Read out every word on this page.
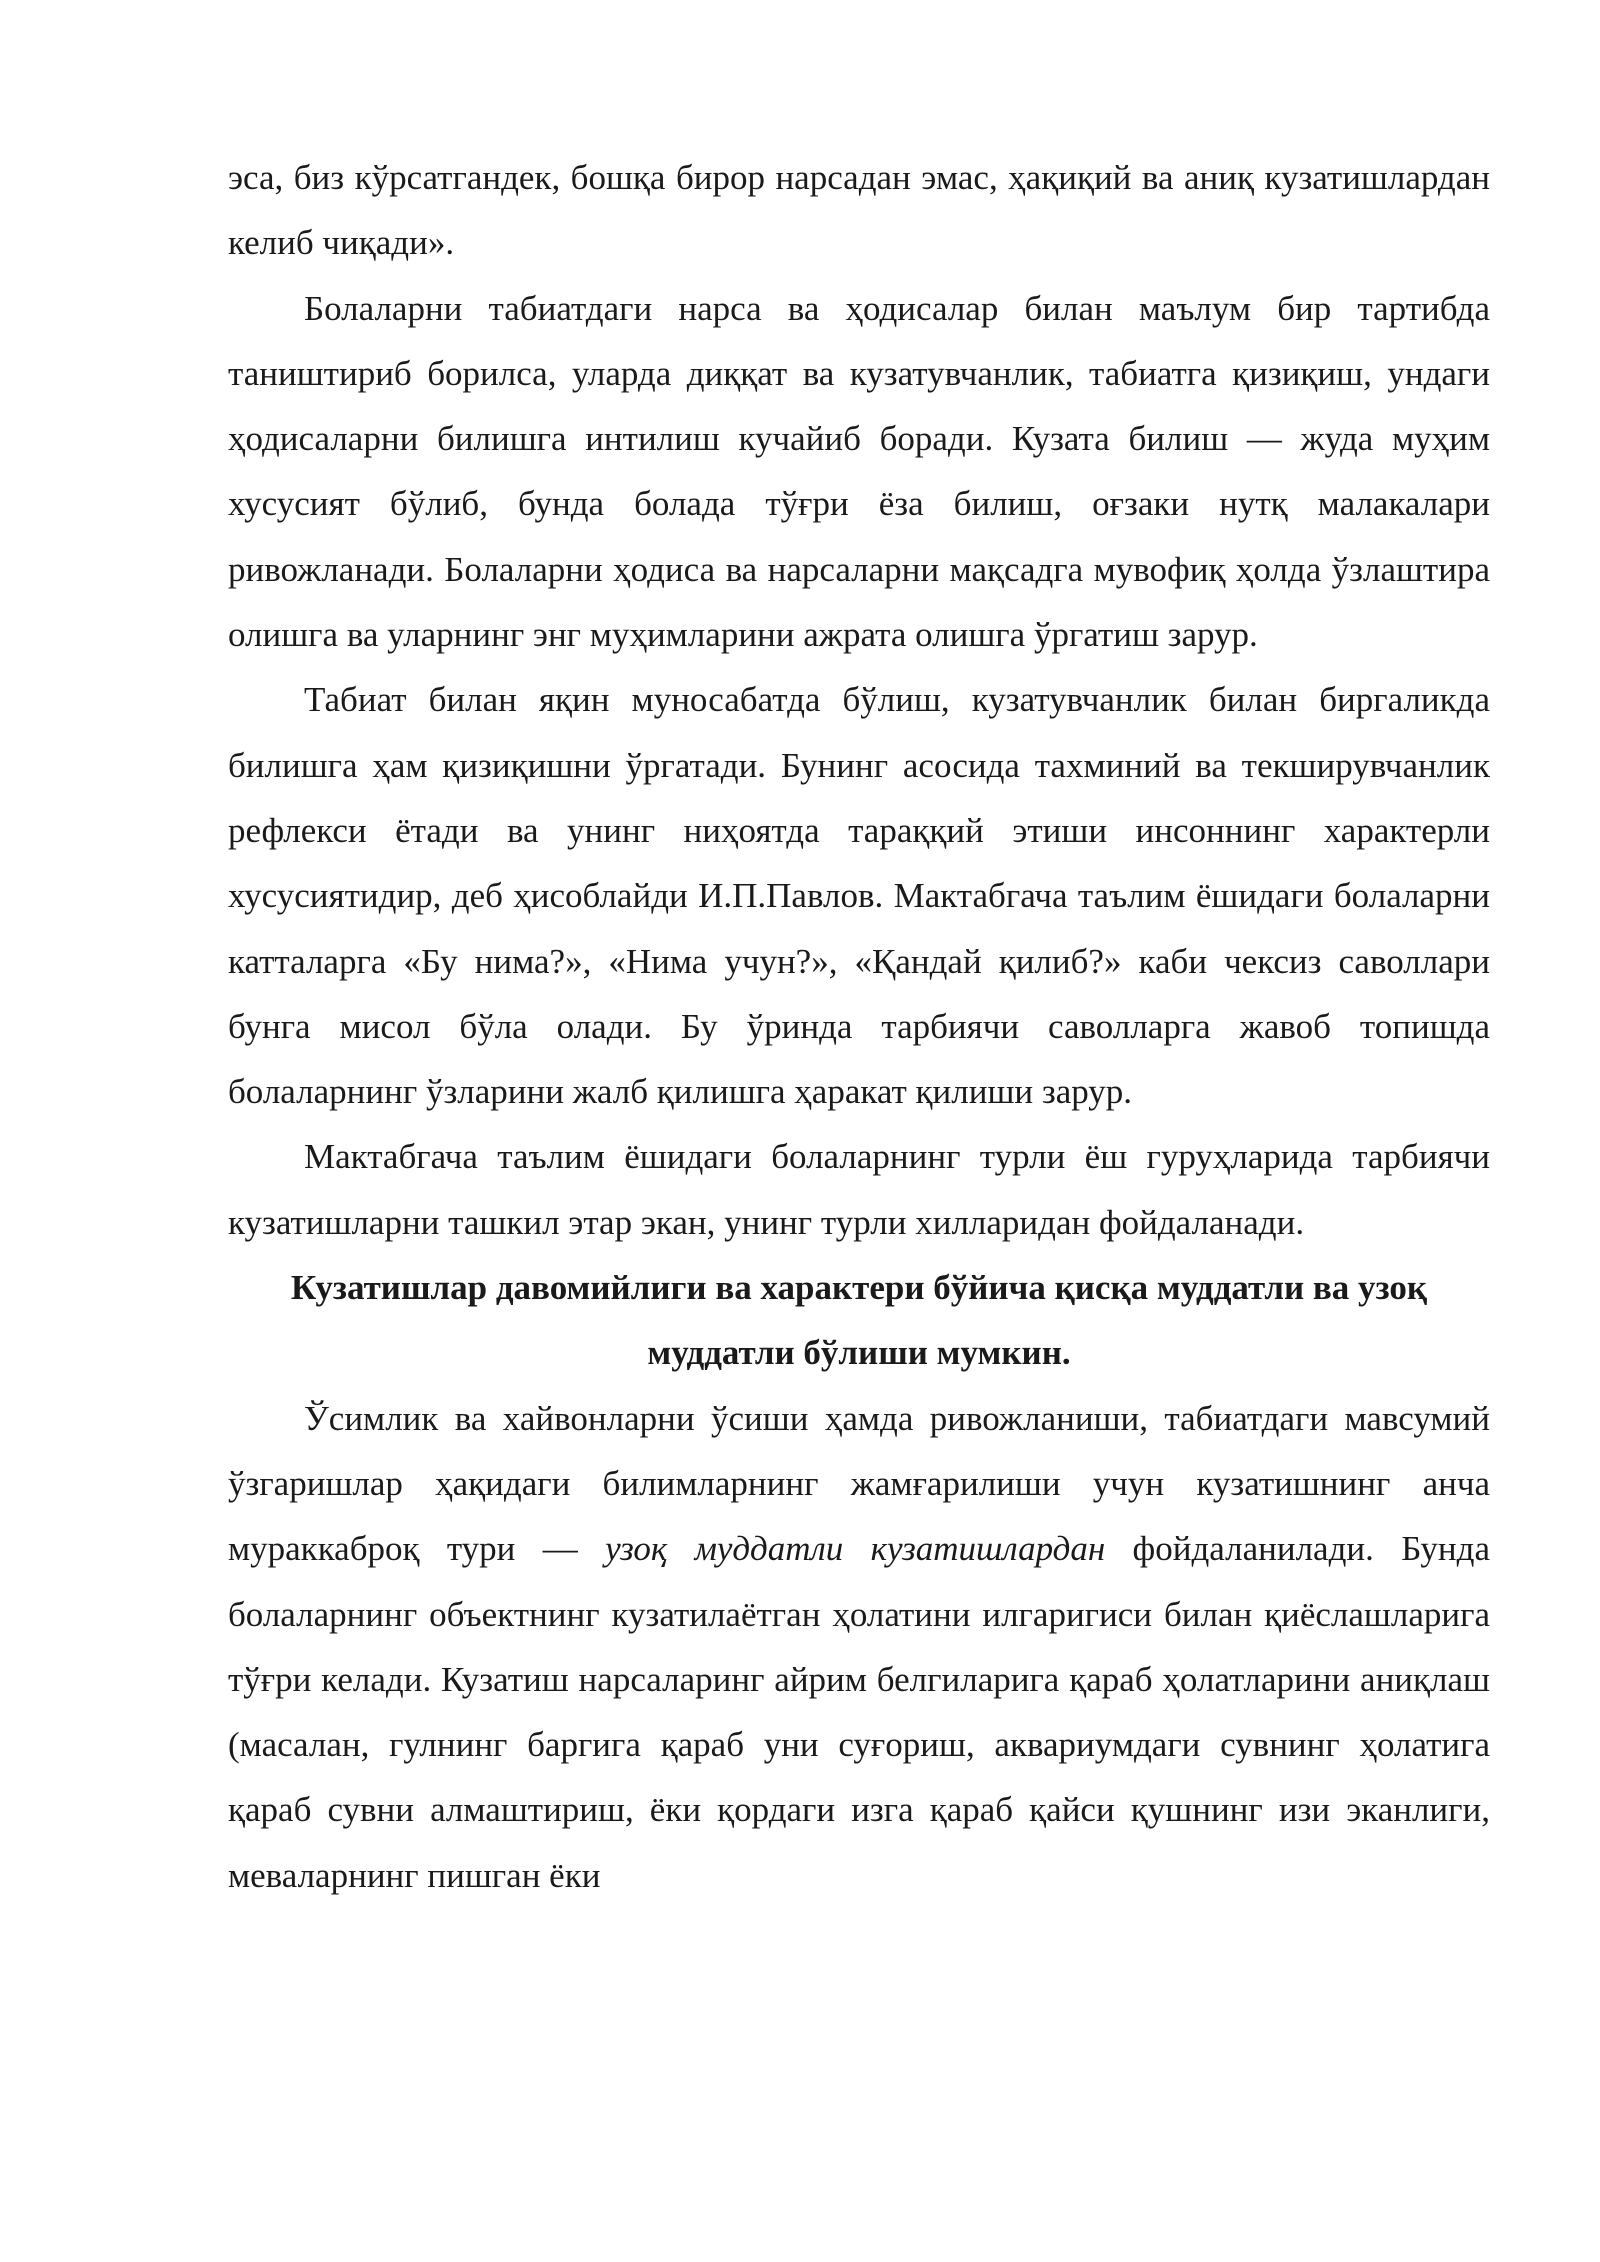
эса, биз кўрсатгандек, бошқа бирор нарсадан эмас, ҳақиқий ва аниқ кузатишлардан келиб чиқади».

Болаларни табиатдаги нарса ва ҳодисалар билан маълум бир тартибда таништириб борилса, уларда диққат ва кузатувчанлик, табиатга қизиқиш, ундаги ҳодисаларни билишга интилиш кучайиб боради. Кузата билиш — жуда муҳим хусусият бўлиб, бунда болада тўғри ёза билиш, оғзаки нутқ малакалари ривожланади. Болаларни ҳодиса ва нарсаларни мақсадга мувофиқ ҳолда ўзлаштира олишга ва уларнинг энг муҳимларини ажрата олишга ўргатиш зарур.

Табиат билан яқин муносабатда бўлиш, кузатувчанлик билан биргаликда билишга ҳам қизиқишни ўргатади. Бунинг асосида тахминий ва текширувчанлик рефлекси ётади ва унинг ниҳоятда тараққий этиши инсоннинг характерли хусусиятидир, деб ҳисоблайди И.П.Павлов. Мактабгача таълим ёшидаги болаларни катталарга «Бу нима?», «Нима учун?», «Қандай қилиб?» каби чексиз саволлари бунга мисол бўла олади. Бу ўринда тарбиячи саволларга жавоб топишда болаларнинг ўзларини жалб қилишга ҳаракат қилиши зарур.

Мактабгача таълим ёшидаги болаларнинг турли ёш гуруҳларида тарбиячи кузатишларни ташкил этар экан, унинг турли хилларидан фойдаланади.

Кузатишлар давомийлиги ва характери бўйича қисқа муддатли ва узоқ муддатли бўлиши мумкин.

Ўсимлик ва хайвонларни ўсиши ҳамда ривожланиши, табиатдаги мавсумий ўзгаришлар ҳақидаги билимларнинг жамғарилиши учун кузатишнинг анча мураккаброқ тури — узоқ муддатли кузатишлардан фойдаланилади. Бунда болаларнинг объектнинг кузатилаётган ҳолатини илгаригиси билан қиёслашларига тўғри келади. Кузатиш нарсаларинг айрим белгиларига қараб ҳолатларини аниқлаш (масалан, гулнинг баргига қараб уни суғориш, аквариумдаги сувнинг ҳолатига қараб сувни алмаштириш, ёки қордаги изга қараб қайси қушнинг изи эканлиги, меваларнинг пишган ёки
